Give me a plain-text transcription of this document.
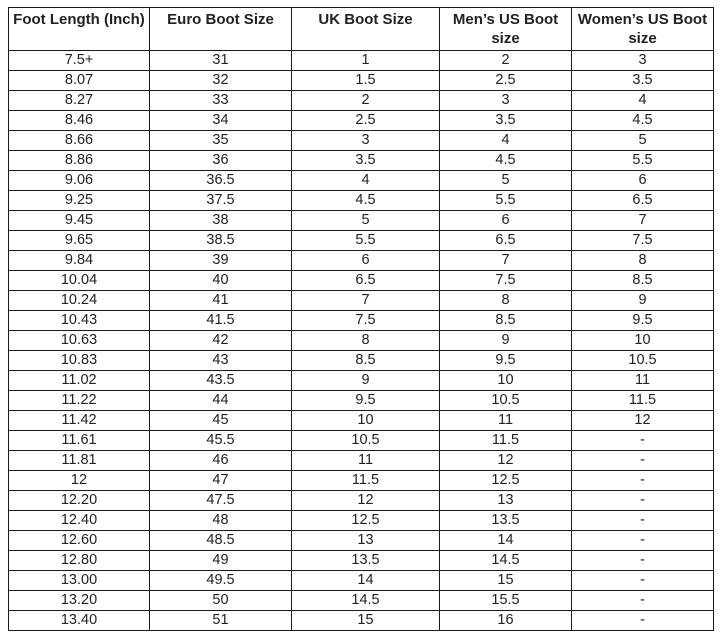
Foot Length (Inch)	Euro Boot Size	UK Boot Size	Men’s US Boot size	Women’s US Boot size
7.5+	31	1	2	3
8.07	32	1.5	2.5	3.5
8.27	33	2	3	4
8.46	34	2.5	3.5	4.5
8.66	35	3	4	5
8.86	36	3.5	4.5	5.5
9.06	36.5	4	5	6
9.25	37.5	4.5	5.5	6.5
9.45	38	5	6	7
9.65	38.5	5.5	6.5	7.5
9.84	39	6	7	8
10.04	40	6.5	7.5	8.5
10.24	41	7	8	9
10.43	41.5	7.5	8.5	9.5
10.63	42	8	9	10
10.83	43	8.5	9.5	10.5
11.02	43.5	9	10	11
11.22	44	9.5	10.5	11.5
11.42	45	10	11	12
11.61	45.5	10.5	11.5	-
11.81	46	11	12	-
12	47	11.5	12.5	-
12.20	47.5	12	13	-
12.40	48	12.5	13.5	-
12.60	48.5	13	14	-
12.80	49	13.5	14.5	-
13.00	49.5	14	15	-
13.20	50	14.5	15.5	-
13.40	51	15	16	-
